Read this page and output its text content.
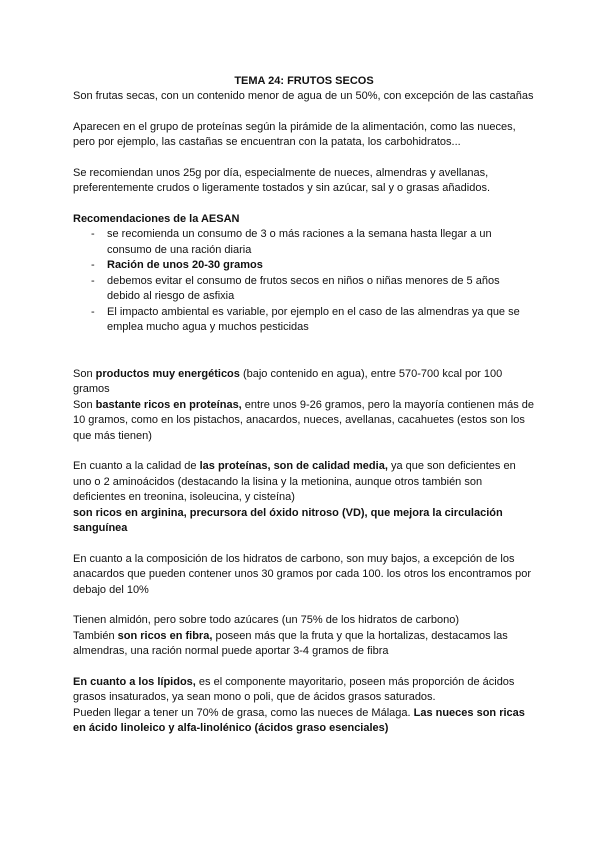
TEMA 24: FRUTOS SECOS

Son frutas secas, con un contenido menor de agua de un 50%, con excepción de las castañas

Aparecen en el grupo de proteínas según la pirámide de la alimentación, como las nueces, pero por ejemplo, las castañas se encuentran con la patata, los carbohidratos...

Se recomiendan unos 25g por día, especialmente de nueces, almendras y avellanas, preferentemente crudos o ligeramente tostados y sin azúcar, sal y o grasas añadidos.

Recomendaciones de la AESAN

- se recomienda un consumo de 3 o más raciones a la semana hasta llegar a un consumo de una ración diaria
- Ración de unos 20-30 gramos
- debemos evitar el consumo de frutos secos en niños o niñas menores de 5 años debido al riesgo de asfixia
- El impacto ambiental es variable, por ejemplo en el caso de las almendras ya que se emplea mucho agua y muchos pesticidas

Son productos muy energéticos (bajo contenido en agua), entre 570-700 kcal por 100 gramos

Son bastante ricos en proteínas, entre unos 9-26 gramos, pero la mayoría contienen más de 10 gramos, como en los pistachos, anacardos, nueces, avellanas, cacahuetes (estos son los que más tienen)

En cuanto a la calidad de las proteínas, son de calidad media, ya que son deficientes en uno o 2 aminoácidos (destacando la lisina y la metionina, aunque otros también son deficientes en treonina, isoleucina, y cisteína)

son ricos en arginina, precursora del óxido nitroso (VD), que mejora la circulación sanguínea

En cuanto a la composición de los hidratos de carbono, son muy bajos, a excepción de los anacardos que pueden contener unos 30 gramos por cada 100. los otros los encontramos por debajo del 10%

Tienen almidón, pero sobre todo azúcares (un 75% de los hidratos de carbono)

También son ricos en fibra, poseen más que la fruta y que la hortalizas, destacamos las almendras, una ración normal puede aportar 3-4 gramos de fibra

En cuanto a los lípidos, es el componente mayoritario, poseen más proporción de ácidos grasos insaturados, ya sean mono o poli, que de ácidos grasos saturados.

Pueden llegar a tener un 70% de grasa, como las nueces de Málaga. Las nueces son ricas en ácido linoleico y alfa-linolénico (ácidos graso esenciales)
